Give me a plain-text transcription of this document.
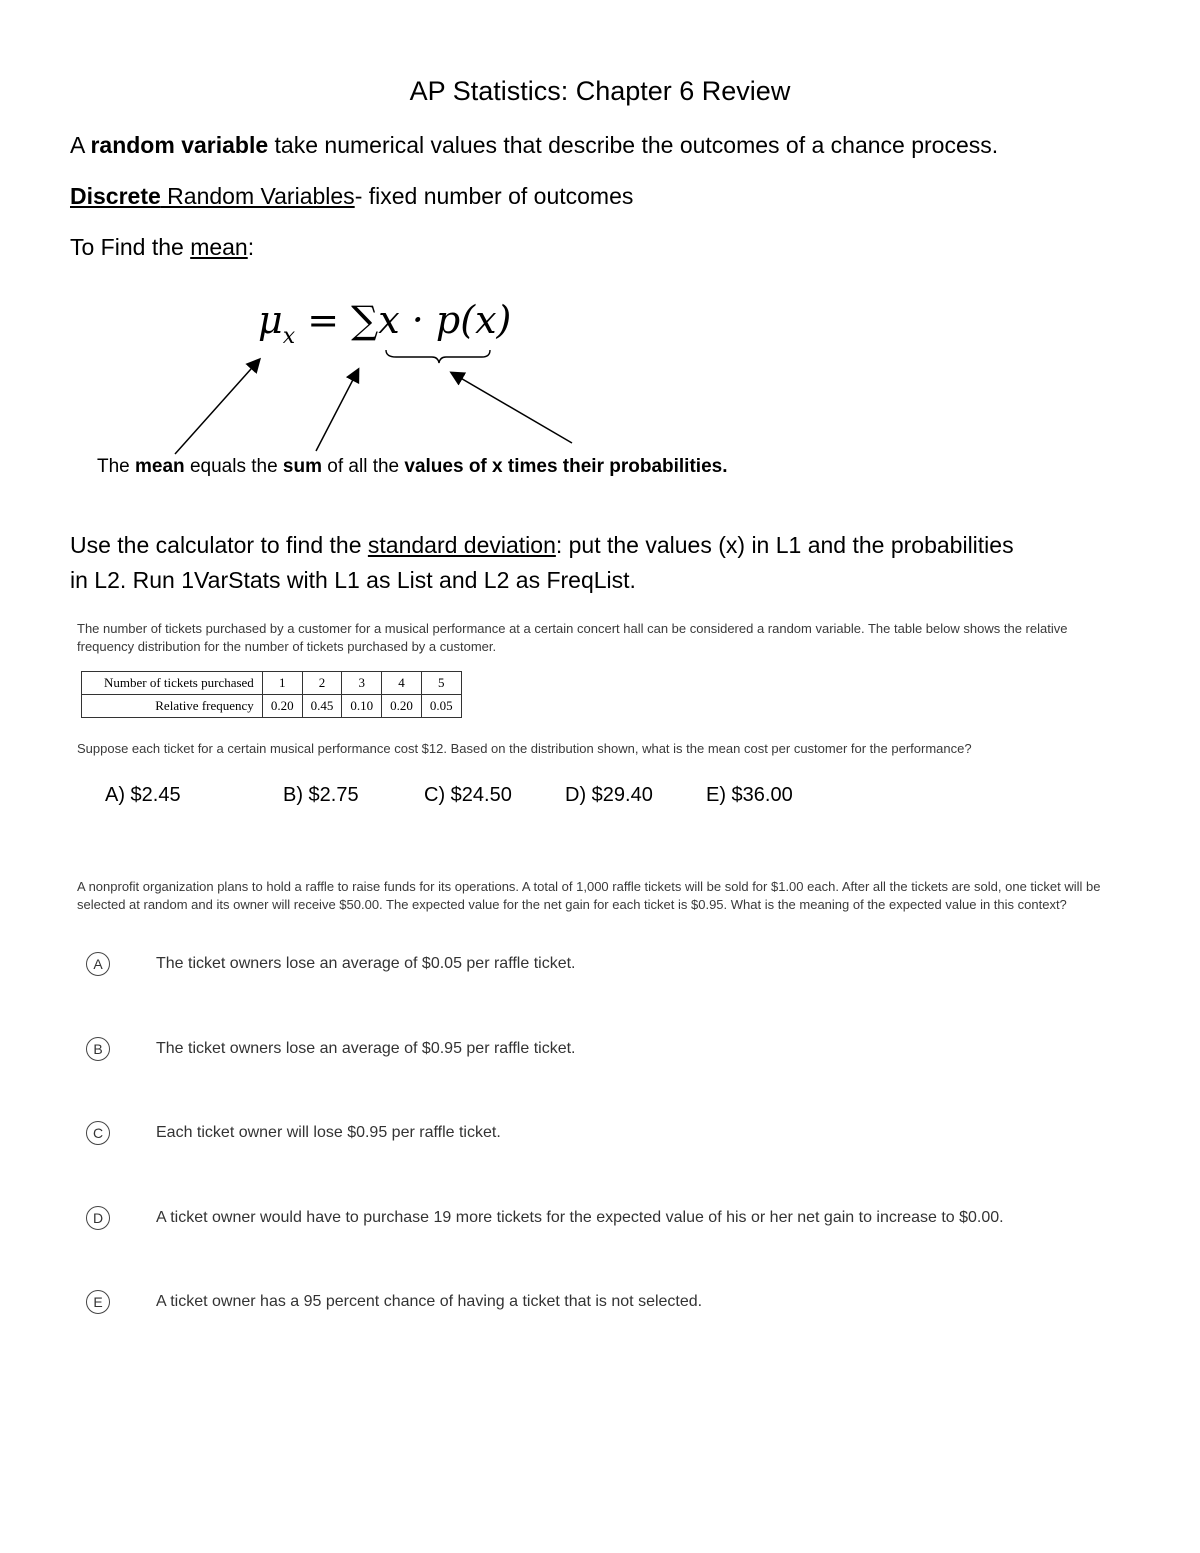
AP Statistics: Chapter 6 Review
A random variable take numerical values that describe the outcomes of a chance process.
Discrete Random Variables- fixed number of outcomes
To Find the mean:
$\mu_x = \sum x \cdot p(x)$
The mean equals the sum of all the values of x times their probabilities.
Use the calculator to find the standard deviation: put the values (x) in L1 and the probabilities
in L2. Run 1VarStats with L1 as List and L2 as FreqList.
The number of tickets purchased by a customer for a musical performance at a certain concert hall can be considered a random variable. The table below shows the relative
frequency distribution for the number of tickets purchased by a customer.
Number of tickets purchased	1	2	3	4	5
Relative frequency	0.20	0.45	0.10	0.20	0.05
Suppose each ticket for a certain musical performance cost $12. Based on the distribution shown, what is the mean cost per customer for the performance?
A) $2.45	B) $2.75	C) $24.50	D) $29.40	E) $36.00
A nonprofit organization plans to hold a raffle to raise funds for its operations. A total of 1,000 raffle tickets will be sold for $1.00 each. After all the tickets are sold, one ticket will be
selected at random and its owner will receive $50.00. The expected value for the net gain for each ticket is $0.95. What is the meaning of the expected value in this context?
A	The ticket owners lose an average of $0.05 per raffle ticket.
B	The ticket owners lose an average of $0.95 per raffle ticket.
C	Each ticket owner will lose $0.95 per raffle ticket.
D	A ticket owner would have to purchase 19 more tickets for the expected value of his or her net gain to increase to $0.00.
E	A ticket owner has a 95 percent chance of having a ticket that is not selected.
